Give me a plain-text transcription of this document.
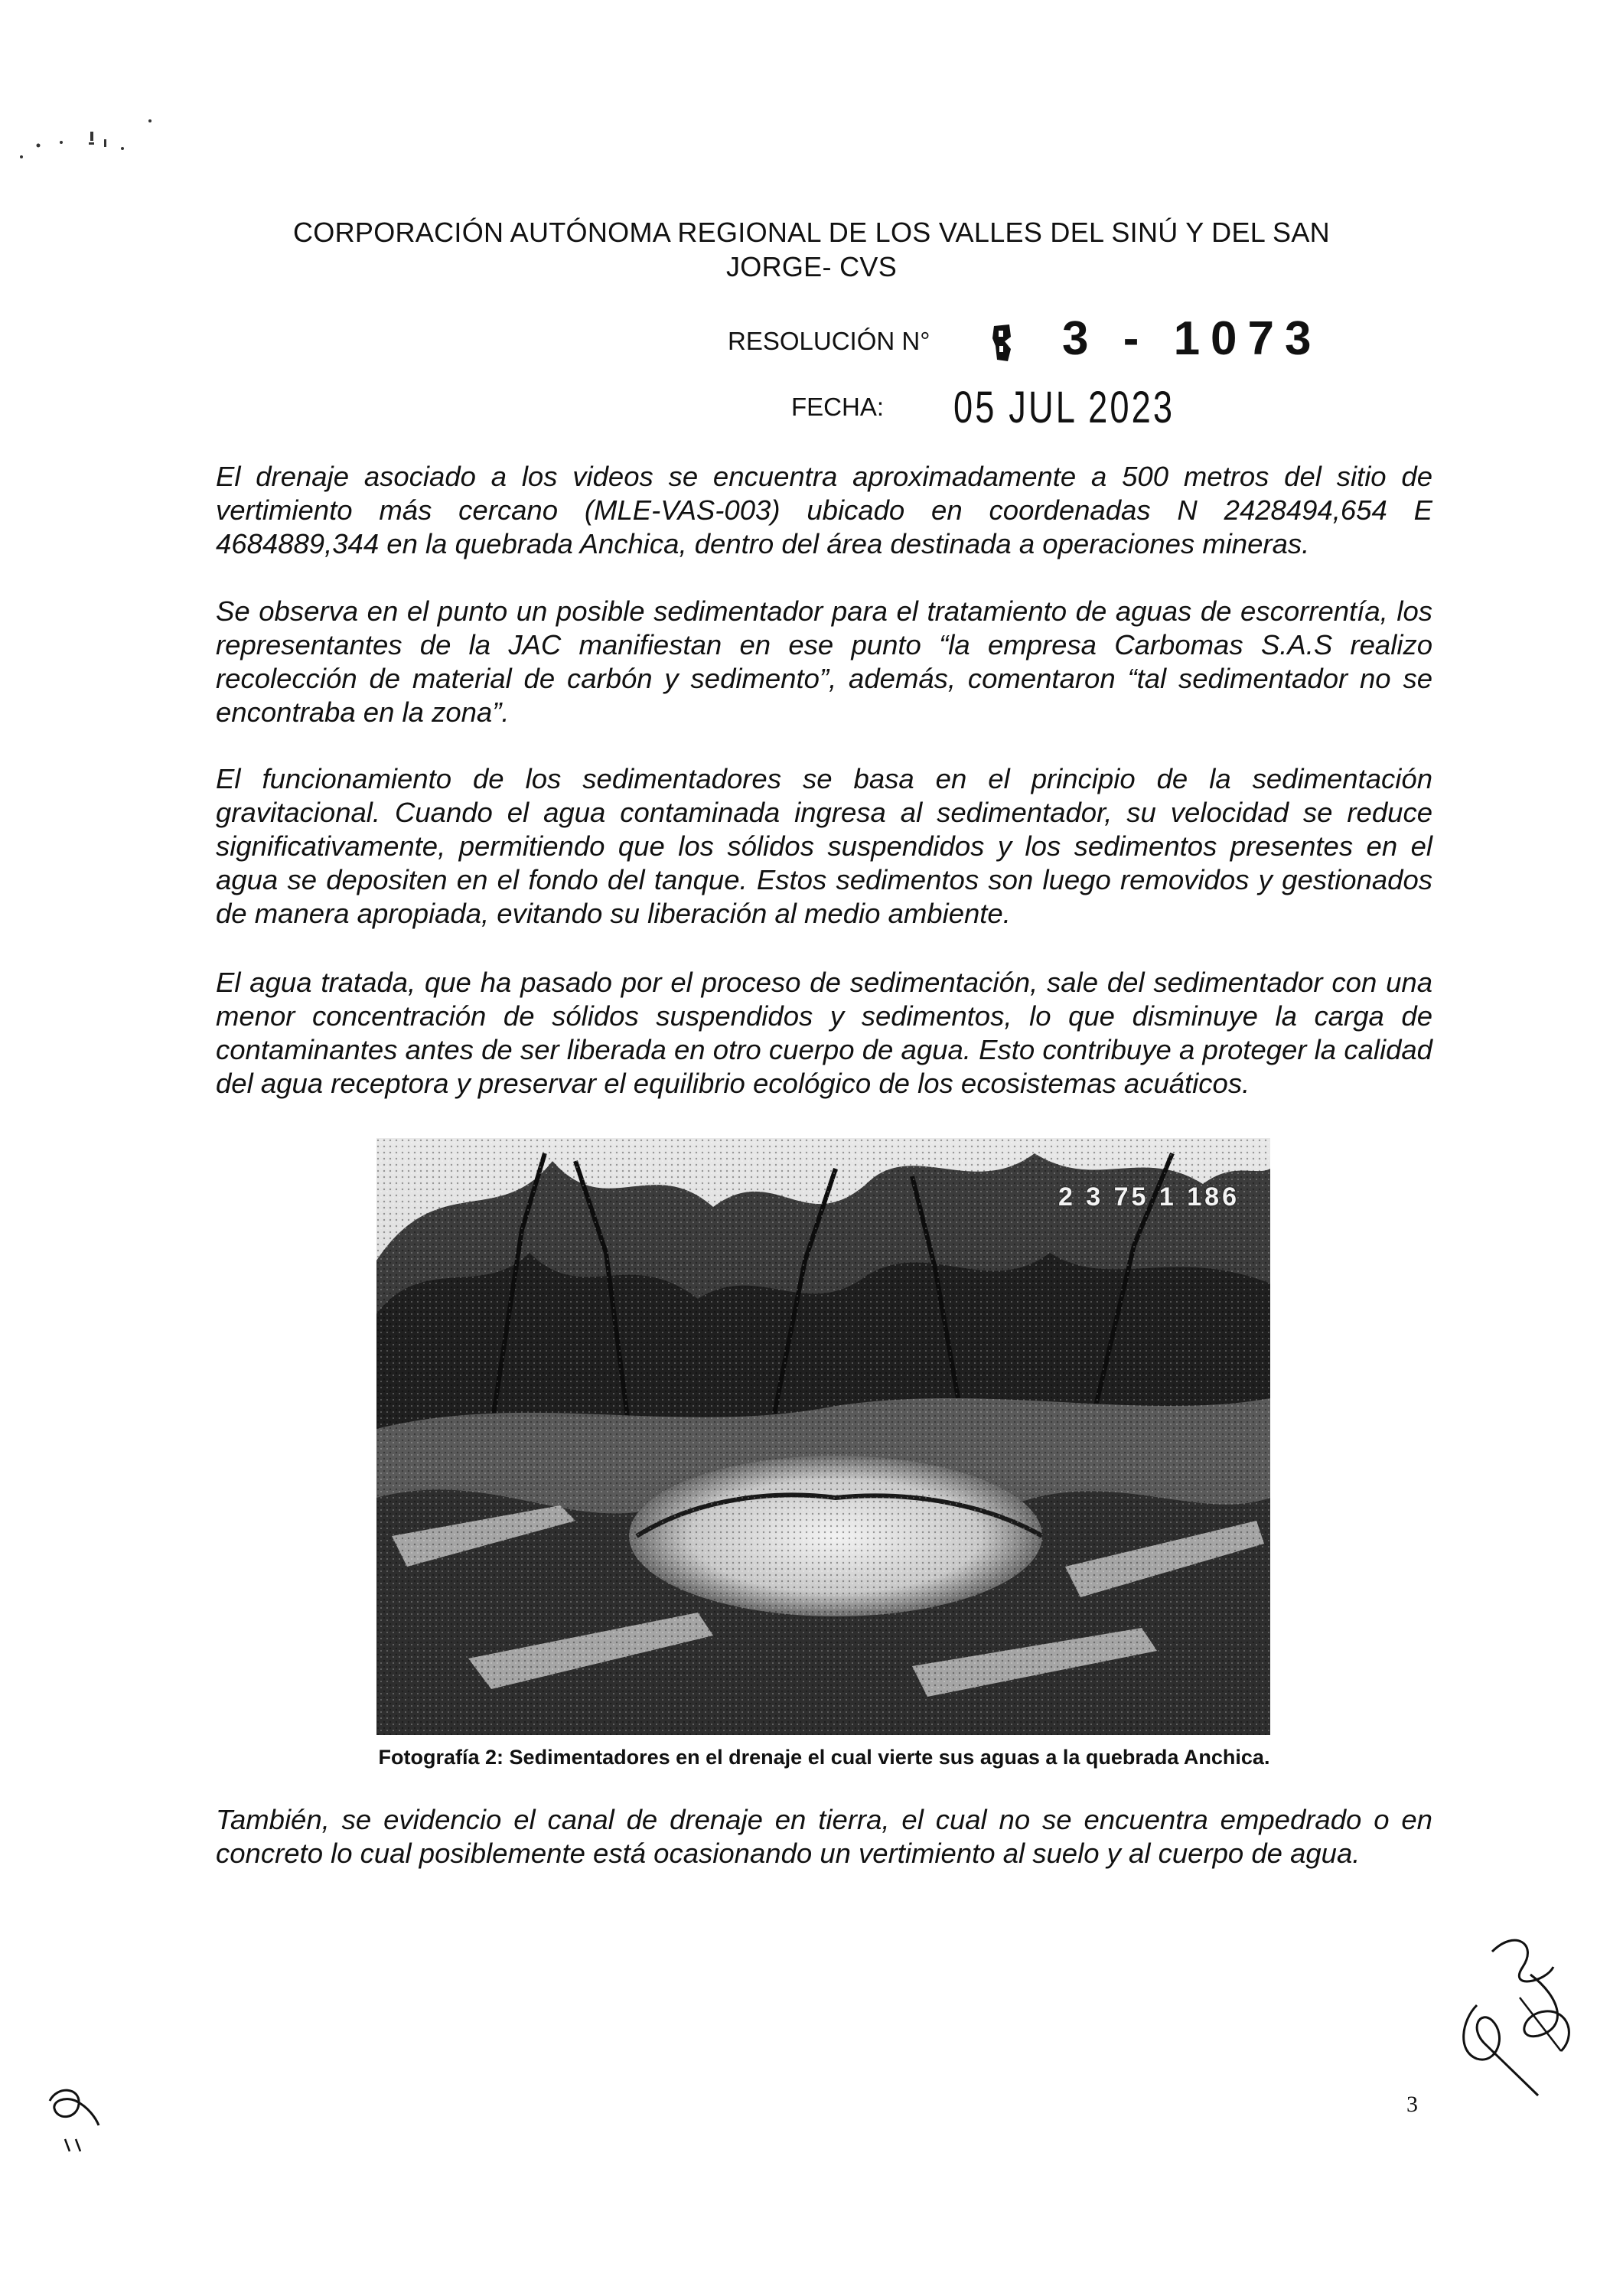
CORPORACIÓN AUTÓNOMA REGIONAL DE LOS VALLES DEL SINÚ Y DEL SAN
JORGE- CVS
RESOLUCIÓN N°	3 - 1073
FECHA: 05 JUL 2023
El drenaje asociado a los videos se encuentra aproximadamente a 500 metros del sitio de vertimiento más cercano (MLE-VAS-003) ubicado en coordenadas N 2428494,654 E 4684889,344 en la quebrada Anchica, dentro del área destinada a operaciones mineras.
Se observa en el punto un posible sedimentador para el tratamiento de aguas de escorrentía, los representantes de la JAC manifiestan en ese punto “la empresa Carbomas S.A.S realizo recolección de material de carbón y sedimento”, además, comentaron “tal sedimentador no se encontraba en la zona”.
El funcionamiento de los sedimentadores se basa en el principio de la sedimentación gravitacional. Cuando el agua contaminada ingresa al sedimentador, su velocidad se reduce significativamente, permitiendo que los sólidos suspendidos y los sedimentos presentes en el agua se depositen en el fondo del tanque. Estos sedimentos son luego removidos y gestionados de manera apropiada, evitando su liberación al medio ambiente.
El agua tratada, que ha pasado por el proceso de sedimentación, sale del sedimentador con una menor concentración de sólidos suspendidos y sedimentos, lo que disminuye la carga de contaminantes antes de ser liberada en otro cuerpo de agua. Esto contribuye a proteger la calidad del agua receptora y preservar el equilibrio ecológico de los ecosistemas acuáticos.
2 3 75 1 186
Fotografía 2: Sedimentadores en el drenaje el cual vierte sus aguas a la quebrada Anchica.
También, se evidencio el canal de drenaje en tierra, el cual no se encuentra empedrado o en concreto lo cual posiblemente está ocasionando un vertimiento al suelo y al cuerpo de agua.
3
